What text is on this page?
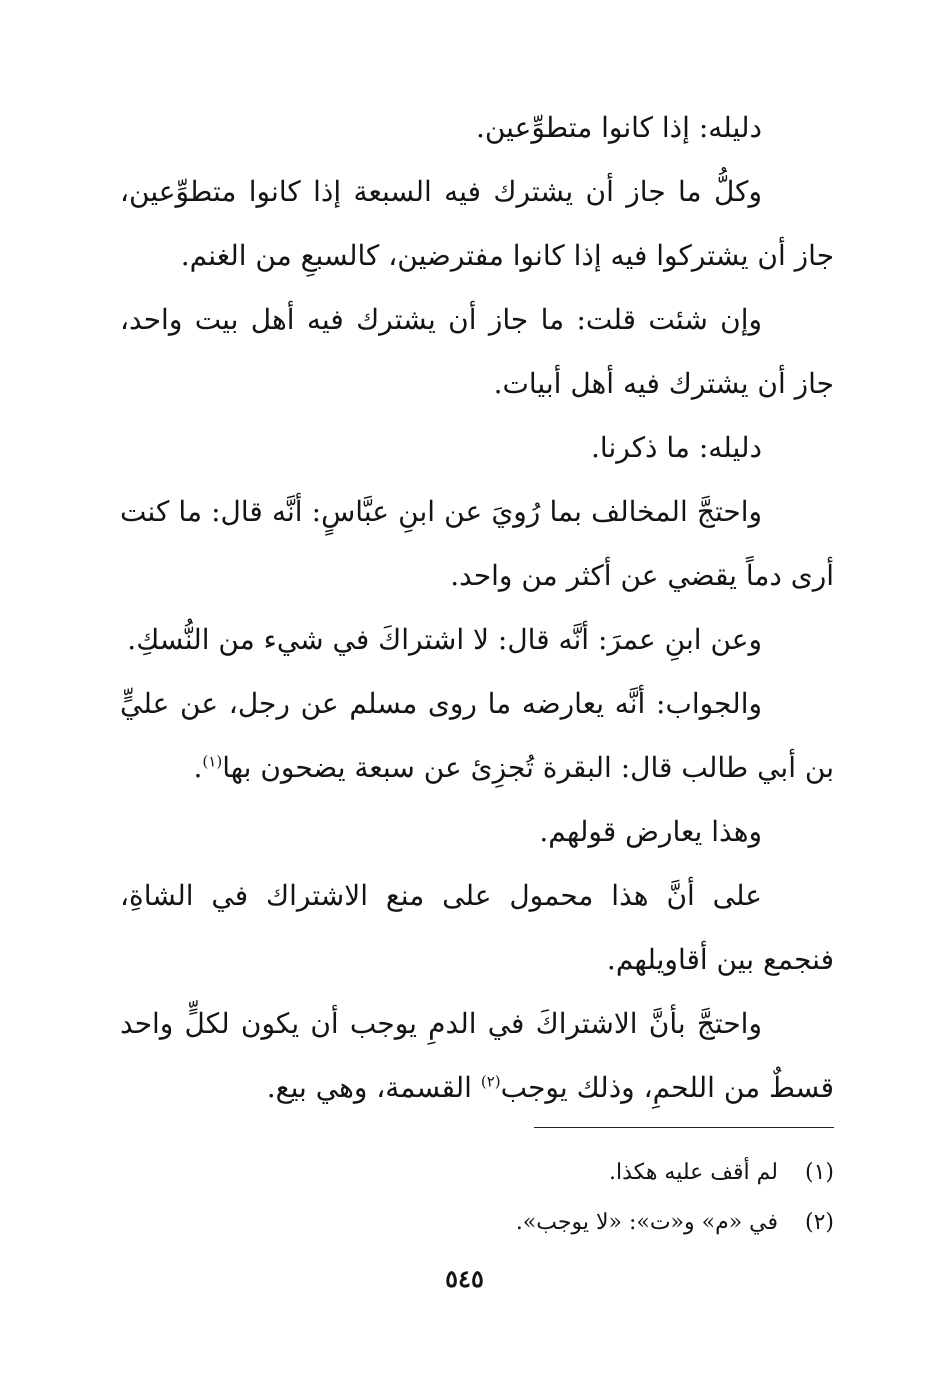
دليله: إذا كانوا متطوِّعين.

وكلُّ ما جاز أن يشترك فيه السبعة إذا كانوا متطوِّعين، جاز أن يشتركوا فيه إذا كانوا مفترضين، كالسبعِ من الغنم.

وإن شئت قلت: ما جاز أن يشترك فيه أهل بيت واحد، جاز أن يشترك فيه أهل أبيات.

دليله: ما ذكرنا.

واحتجَّ المخالف بما رُويَ عن ابنِ عبَّاسٍ: أنَّه قال: ما كنت أرى دماً يقضي عن أكثر من واحد.

وعن ابنِ عمرَ: أنَّه قال: لا اشتراكَ في شيء من النُّسكِ.

والجواب: أنَّه يعارضه ما روى مسلم عن رجل، عن عليٍّ بن أبي طالب قال: البقرة تُجزِئ عن سبعة يضحون بها$^{(١)}$.

وهذا يعارض قولهم.

على أنَّ هذا محمول على منع الاشتراك في الشاةِ، فنجمع بين أقاويلهم.

واحتجَّ بأنَّ الاشتراكَ في الدمِ يوجب أن يكون لكلٍّ واحد قسطٌ من اللحمِ، وذلك يوجب$^{(٢)}$ القسمة، وهي بيع.

(١)
لم أقف عليه هكذا.

(٢)
في «م» و«ت»: «لا يوجب».

٥٤٥
